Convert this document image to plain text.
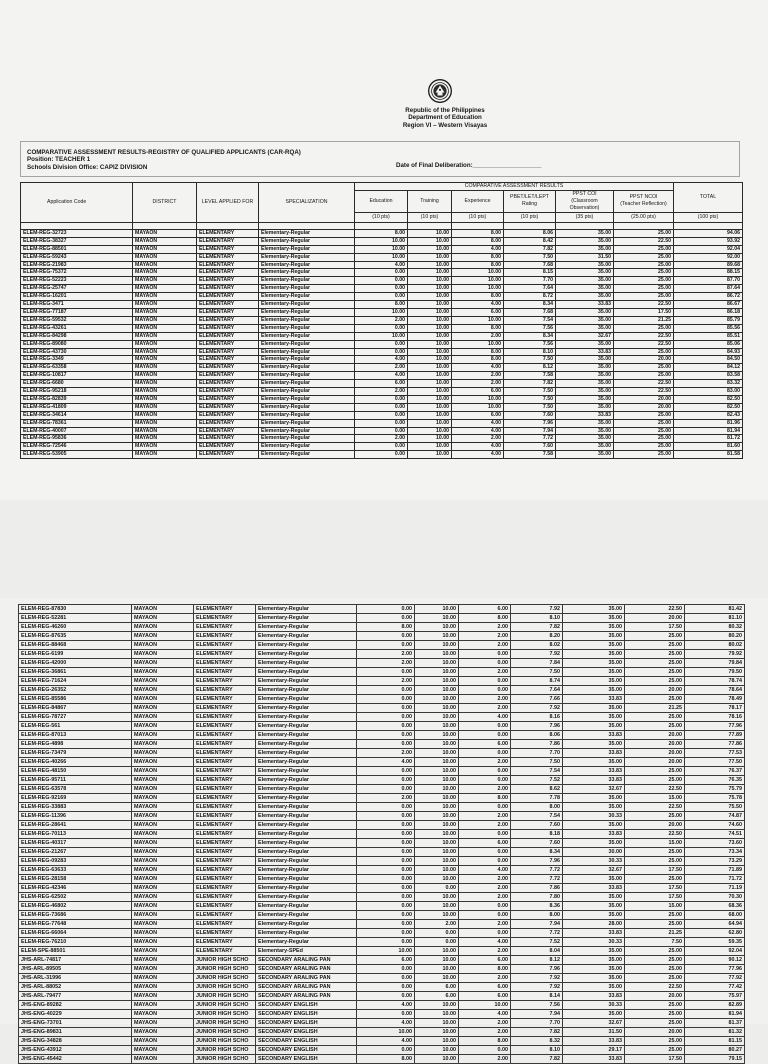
Republic of the Philippines
Department of Education
Region VI – Western Visayas
COMPARATIVE ASSESSMENT RESULTS-REGISTRY OF QUALIFIED APPLICANTS (CAR-RQA)
Position: TEACHER 1
Schools Division Office: CAPIZ DIVISION	Date of Final Deliberation:____________________
Application Code	DISTRICT	LEVEL APPLIED FOR	SPECIALIZATION	COMPARATIVE ASSESSMENT RESULTS						TOTAL
				Education	Training	Experience	PBET/LET/LEPT
Rating	PPST COI
(Classroom Observation)	PPST NCOI
(Teacher Reflection)	
				(10 pts)	(10 pts)	(10 pts)	(10 pts)	(35 pts)	(25.00 pts)	(100 pts)

ELEM-REG-32723	MAYAON	ELEMENTARY	Elementary-Regular	8.00	10.00	8.00	8.06	35.00	25.00	94.06
ELEM-REG-38327	MAYAON	ELEMENTARY	Elementary-Regular	10.00	10.00	8.00	8.42	35.00	22.50	93.92
ELEM-REG-88501	MAYAON	ELEMENTARY	Elementary-Regular	10.00	10.00	4.00	7.82	35.00	25.00	92.04
ELEM-REG-59243	MAYAON	ELEMENTARY	Elementary-Regular	10.00	10.00	8.00	7.50	31.50	25.00	92.00
ELEM-REG-21983	MAYAON	ELEMENTARY	Elementary-Regular	4.00	10.00	8.00	7.68	35.00	25.00	89.68
ELEM-REG-75372	MAYAON	ELEMENTARY	Elementary-Regular	0.00	10.00	10.00	8.15	35.00	25.00	88.15
ELEM-REG-52223	MAYAON	ELEMENTARY	Elementary-Regular	0.00	10.00	10.00	7.70	35.00	25.00	87.70
ELEM-REG-25747	MAYAON	ELEMENTARY	Elementary-Regular	0.00	10.00	10.00	7.64	35.00	25.00	87.64
ELEM-REG-16201	MAYAON	ELEMENTARY	Elementary-Regular	0.00	10.00	8.00	8.72	35.00	25.00	86.72
ELEM-REG-3471	MAYAON	ELEMENTARY	Elementary-Regular	8.00	10.00	4.00	8.34	33.83	22.50	86.67
ELEM-REG-77187	MAYAON	ELEMENTARY	Elementary-Regular	10.00	10.00	6.00	7.68	35.00	17.50	86.18
ELEM-REG-59532	MAYAON	ELEMENTARY	Elementary-Regular	2.00	10.00	10.00	7.54	35.00	21.25	85.79
ELEM-REG-43261	MAYAON	ELEMENTARY	Elementary-Regular	0.00	10.00	8.00	7.56	35.00	25.00	85.56
ELEM-REG-84298	MAYAON	ELEMENTARY	Elementary-Regular	10.00	10.00	2.00	8.34	32.67	22.50	85.51
ELEM-REG-89080	MAYAON	ELEMENTARY	Elementary-Regular	0.00	10.00	10.00	7.56	35.00	22.50	85.06
ELEM-REG-43730	MAYAON	ELEMENTARY	Elementary-Regular	0.00	10.00	8.00	8.10	33.83	25.00	84.93
ELEM-REG-3349	MAYAON	ELEMENTARY	Elementary-Regular	4.00	10.00	8.00	7.50	35.00	20.00	84.50
ELEM-REG-63358	MAYAON	ELEMENTARY	Elementary-Regular	2.00	10.00	4.00	8.12	35.00	25.00	84.12
ELEM-REG-10817	MAYAON	ELEMENTARY	Elementary-Regular	4.00	10.00	2.00	7.58	35.00	25.00	83.58
ELEM-REG-6680	MAYAON	ELEMENTARY	Elementary-Regular	6.00	10.00	2.00	7.82	35.00	22.50	83.32
ELEM-REG-95218	MAYAON	ELEMENTARY	Elementary-Regular	2.00	10.00	6.00	7.50	35.00	22.50	83.00
ELEM-REG-82839	MAYAON	ELEMENTARY	Elementary-Regular	0.00	10.00	10.00	7.50	35.00	20.00	82.50
ELEM-REG-41809	MAYAON	ELEMENTARY	Elementary-Regular	0.00	10.00	10.00	7.50	35.00	20.00	82.50
ELEM-REG-34614	MAYAON	ELEMENTARY	Elementary-Regular	0.00	10.00	6.00	7.60	33.83	25.00	82.43
ELEM-REG-78361	MAYAON	ELEMENTARY	Elementary-Regular	0.00	10.00	4.00	7.96	35.00	25.00	81.96
ELEM-REG-40007	MAYAON	ELEMENTARY	Elementary-Regular	0.00	10.00	4.00	7.94	35.00	25.00	81.94
ELEM-REG-95836	MAYAON	ELEMENTARY	Elementary-Regular	2.00	10.00	2.00	7.72	35.00	25.00	81.72
ELEM-REG-72546	MAYAON	ELEMENTARY	Elementary-Regular	0.00	10.00	4.00	7.60	35.00	25.00	81.60
ELEM-REG-53905	MAYAON	ELEMENTARY	Elementary-Regular	0.00	10.00	4.00	7.58	35.00	25.00	81.58
ELEM-REG-87830	MAYAON	ELEMENTARY	Elementary-Regular	0.00	10.00	6.00	7.92	35.00	22.50	81.42
ELEM-REG-52281	MAYAON	ELEMENTARY	Elementary-Regular	0.00	10.00	8.00	8.10	35.00	20.00	81.10
ELEM-REG-46260	MAYAON	ELEMENTARY	Elementary-Regular	8.00	10.00	2.00	7.82	35.00	17.50	80.32
ELEM-REG-87635	MAYAON	ELEMENTARY	Elementary-Regular	0.00	10.00	2.00	8.20	35.00	25.00	80.20
ELEM-REG-88468	MAYAON	ELEMENTARY	Elementary-Regular	0.00	10.00	2.00	8.02	35.00	25.00	80.02
ELEM-REG-6199	MAYAON	ELEMENTARY	Elementary-Regular	2.00	10.00	0.00	7.92	35.00	25.00	79.92
ELEM-REG-42000	MAYAON	ELEMENTARY	Elementary-Regular	2.00	10.00	0.00	7.84	35.00	25.00	79.84
ELEM-REG-36861	MAYAON	ELEMENTARY	Elementary-Regular	0.00	10.00	2.00	7.50	35.00	25.00	79.50
ELEM-REG-71624	MAYAON	ELEMENTARY	Elementary-Regular	2.00	10.00	0.00	8.74	35.00	25.00	78.74
ELEM-REG-26352	MAYAON	ELEMENTARY	Elementary-Regular	0.00	10.00	0.00	7.64	35.00	20.00	78.64
ELEM-REG-85586	MAYAON	ELEMENTARY	Elementary-Regular	0.00	10.00	2.00	7.66	33.83	25.00	78.49
ELEM-REG-84867	MAYAON	ELEMENTARY	Elementary-Regular	0.00	10.00	2.00	7.92	35.00	21.25	78.17
ELEM-REG-78727	MAYAON	ELEMENTARY	Elementary-Regular	0.00	10.00	4.00	8.16	35.00	25.00	78.16
ELEM-REG-561	MAYAON	ELEMENTARY	Elementary-Regular	0.00	10.00	0.00	7.96	35.00	25.00	77.96
ELEM-REG-87013	MAYAON	ELEMENTARY	Elementary-Regular	0.00	10.00	0.00	8.06	33.83	20.00	77.89
ELEM-REG-4898	MAYAON	ELEMENTARY	Elementary-Regular	0.00	10.00	6.00	7.86	35.00	20.00	77.86
ELEM-REG-73479	MAYAON	ELEMENTARY	Elementary-Regular	2.00	10.00	0.00	7.70	33.83	20.00	77.53
ELEM-REG-40266	MAYAON	ELEMENTARY	Elementary-Regular	4.00	10.00	2.00	7.50	35.00	20.00	77.50
ELEM-REG-48150	MAYAON	ELEMENTARY	Elementary-Regular	0.00	10.00	0.00	7.54	33.83	25.00	76.37
ELEM-REG-95711	MAYAON	ELEMENTARY	Elementary-Regular	0.00	10.00	0.00	7.52	33.83	25.00	76.35
ELEM-REG-63578	MAYAON	ELEMENTARY	Elementary-Regular	0.00	10.00	2.00	8.62	32.67	22.50	75.79
ELEM-REG-92169	MAYAON	ELEMENTARY	Elementary-Regular	2.00	10.00	8.00	7.78	35.00	15.00	75.78
ELEM-REG-33883	MAYAON	ELEMENTARY	Elementary-Regular	0.00	10.00	0.00	8.00	35.00	22.50	75.50
ELEM-REG-11396	MAYAON	ELEMENTARY	Elementary-Regular	0.00	10.00	2.00	7.54	30.33	25.00	74.87
ELEM-REG-28641	MAYAON	ELEMENTARY	Elementary-Regular	0.00	10.00	2.00	7.60	35.00	20.00	74.60
ELEM-REG-70113	MAYAON	ELEMENTARY	Elementary-Regular	0.00	10.00	0.00	8.18	33.83	22.50	74.51
ELEM-REG-40317	MAYAON	ELEMENTARY	Elementary-Regular	0.00	10.00	6.00	7.60	35.00	15.00	73.60
ELEM-REG-21267	MAYAON	ELEMENTARY	Elementary-Regular	0.00	10.00	0.00	8.34	30.00	25.00	73.34
ELEM-REG-09283	MAYAON	ELEMENTARY	Elementary-Regular	0.00	10.00	0.00	7.96	30.33	25.00	73.29
ELEM-REG-63633	MAYAON	ELEMENTARY	Elementary-Regular	0.00	10.00	4.00	7.72	32.67	17.50	71.89
ELEM-REG-28158	MAYAON	ELEMENTARY	Elementary-Regular	0.00	10.00	2.00	7.72	35.00	25.00	71.72
ELEM-REG-42346	MAYAON	ELEMENTARY	Elementary-Regular	0.00	0.00	2.00	7.86	33.83	17.50	71.19
ELEM-REG-62502	MAYAON	ELEMENTARY	Elementary-Regular	0.00	10.00	2.00	7.80	35.00	17.50	70.30
ELEM-REG-46802	MAYAON	ELEMENTARY	Elementary-Regular	0.00	10.00	0.00	8.36	35.00	15.00	68.36
ELEM-REG-73686	MAYAON	ELEMENTARY	Elementary-Regular	0.00	10.00	0.00	8.00	35.00	25.00	68.00
ELEM-REG-77648	MAYAON	ELEMENTARY	Elementary-Regular	0.00	2.00	2.00	7.94	28.00	25.00	64.94
ELEM-REG-66064	MAYAON	ELEMENTARY	Elementary-Regular	0.00	0.00	0.00	7.72	33.83	21.25	62.80
ELEM-REG-76210	MAYAON	ELEMENTARY	Elementary-Regular	0.00	0.00	4.00	7.52	30.33	7.50	59.35
ELEM-SPE-88501	MAYAON	ELEMENTARY	Elementary-SPEd	10.00	10.00	2.00	8.04	35.00	25.00	92.04
JHS-ARL-74817	MAYAON	JUNIOR HIGH SCHO	SECONDARY ARALING PAN	6.00	10.00	6.00	8.12	35.00	25.00	90.12
JHS-ARL-89505	MAYAON	JUNIOR HIGH SCHO	SECONDARY ARALING PAN	0.00	10.00	8.00	7.96	35.00	25.00	77.96
JHS-ARL-31996	MAYAON	JUNIOR HIGH SCHO	SECONDARY ARALING PAN	0.00	10.00	2.00	7.92	35.00	25.00	77.92
JHS-ARL-88052	MAYAON	JUNIOR HIGH SCHO	SECONDARY ARALING PAN	0.00	6.00	6.00	7.92	35.00	22.50	77.42
JHS-ARL-79477	MAYAON	JUNIOR HIGH SCHO	SECONDARY ARALING PAN	0.00	6.00	6.00	8.14	33.83	20.00	75.97
JHS-ENG-89282	MAYAON	JUNIOR HIGH SCHO	SECONDARY ENGLISH	4.00	10.00	10.00	7.56	30.33	25.00	82.89
JHS-ENG-40229	MAYAON	JUNIOR HIGH SCHO	SECONDARY ENGLISH	0.00	10.00	4.00	7.94	35.00	25.00	81.94
JHS-ENG-73701	MAYAON	JUNIOR HIGH SCHO	SECONDARY ENGLISH	4.00	10.00	2.00	7.70	32.67	25.00	81.37
JHS-ENG-89831	MAYAON	JUNIOR HIGH SCHO	SECONDARY ENGLISH	10.00	10.00	2.00	7.82	31.50	20.00	81.32
JHS-ENG-34828	MAYAON	JUNIOR HIGH SCHO	SECONDARY ENGLISH	4.00	10.00	8.00	8.32	33.83	25.00	81.15
JHS-ENG-43912	MAYAON	JUNIOR HIGH SCHO	SECONDARY ENGLISH	0.00	10.00	0.00	8.10	29.17	25.00	80.27
JHS-ENG-45442	MAYAON	JUNIOR HIGH SCHO	SECONDARY ENGLISH	8.00	10.00	2.00	7.82	33.83	17.50	79.15
